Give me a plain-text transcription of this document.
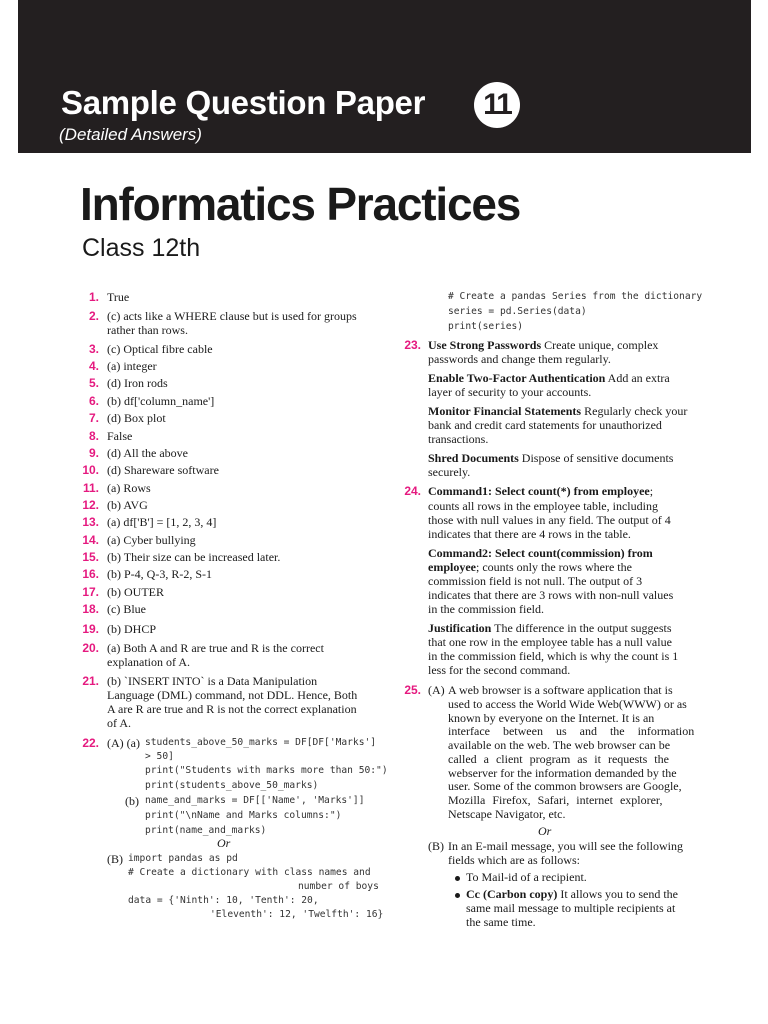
Sample Question Paper	11
(Detailed Answers)
Informatics Practices
Class 12th
1. True
2. (c) acts like a WHERE clause but is used for groups
rather than rows.
3. (c) Optical fibre cable
4. (a) integer
5. (d) Iron rods
6. (b) df['column_name']
7. (d) Box plot
8. False
9. (d) All the above
10. (d) Shareware software
11. (a) Rows
12. (b) AVG
13. (a) df['B'] = [1, 2, 3, 4]
14. (a) Cyber bullying
15. (b) Their size can be increased later.
16. (b) P-4, Q-3, R-2, S-1
17. (b) OUTER
18. (c) Blue
19. (b) DHCP
20. (a) Both A and R are true and R is the correct
explanation of A.
21. (b) `INSERT INTO` is a Data Manipulation
Language (DML) command, not DDL. Hence, Both
A are R are true and R is not the correct explanation
of A.
22. (A) (a) students_above_50_marks = DF[DF['Marks']
> 50]
print("Students with marks more than 50:")
print(students_above_50_marks)
(b) name_and_marks = DF[['Name', 'Marks']]
print("\nName and Marks columns:")
print(name_and_marks)
Or
(B) import pandas as pd
# Create a dictionary with class names and
number of boys
data = {'Ninth': 10, 'Tenth': 20,
'Eleventh': 12, 'Twelfth': 16}
# Create a pandas Series from the dictionary
series = pd.Series(data)
print(series)
23. Use Strong Passwords Create unique, complex
passwords and change them regularly.
Enable Two-Factor Authentication Add an extra
layer of security to your accounts.
Monitor Financial Statements Regularly check your
bank and credit card statements for unauthorized
transactions.
Shred Documents Dispose of sensitive documents
securely.
24. Command1: Select count(*) from employee;
counts all rows in the employee table, including
those with null values in any field. The output of 4
indicates that there are 4 rows in the table.
Command2: Select count(commission) from
employee; counts only the rows where the
commission field is not null. The output of 3
indicates that there are 3 rows with non-null values
in the commission field.
Justification The difference in the output suggests
that one row in the employee table has a null value
in the commission field, which is why the count is 1
less for the second command.
25. (A) A web browser is a software application that is
used to access the World Wide Web(WWW) or as
known by everyone on the Internet. It is an
interface between us and the information
available on the web. The web browser can be
called a client program as it requests the
webserver for the information demanded by the
user. Some of the common browsers are Google,
Mozilla Firefox, Safari, internet explorer,
Netscape Navigator, etc.
Or
(B) In an E-mail message, you will see the following
fields which are as follows:
To Mail-id of a recipient.
Cc (Carbon copy) It allows you to send the
same mail message to multiple recipients at
the same time.
